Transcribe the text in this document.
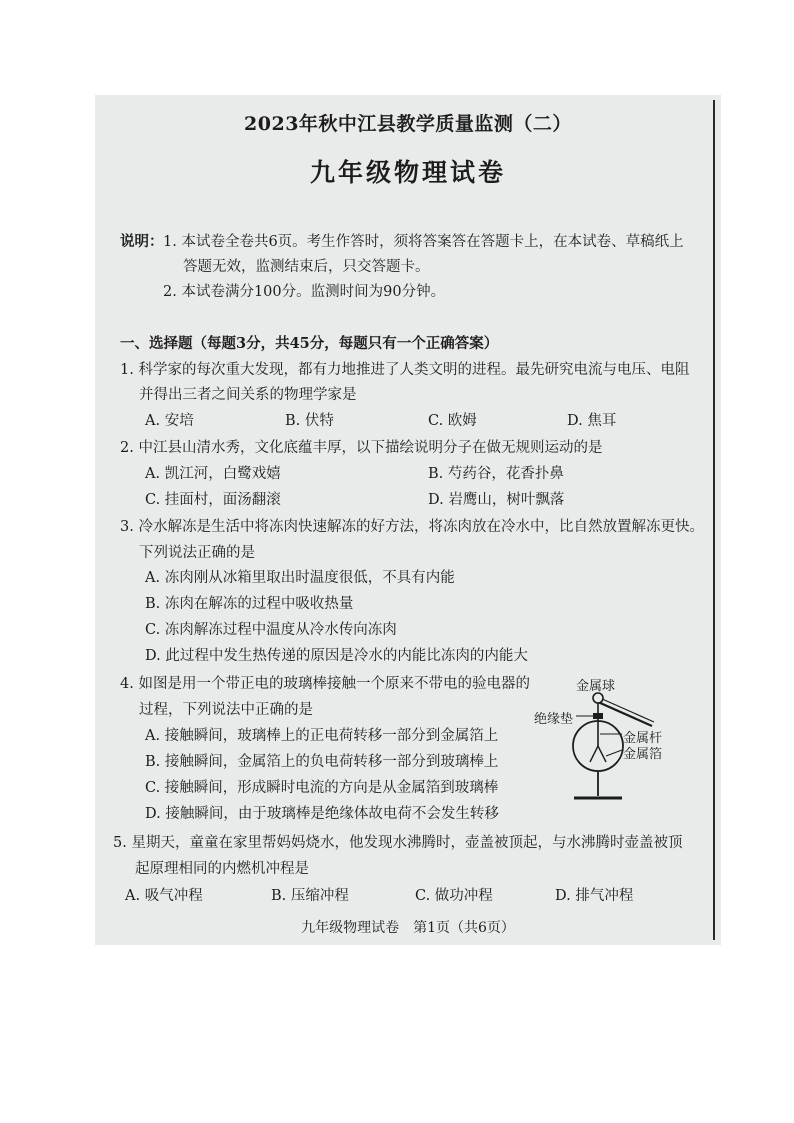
2023年秋中江县教学质量监测（二）
九年级物理试卷
说明： 1. 本试卷全卷共6页。考生作答时，须将答案答在答题卡上，在本试卷、草稿纸上
答题无效，监测结束后，只交答题卡。
2. 本试卷满分100分。监测时间为90分钟。
一、选择题（每题3分，共45分，每题只有一个正确答案）
1. 科学家的每次重大发现，都有力地推进了人类文明的进程。最先研究电流与电压、电阻
并得出三者之间关系的物理学家是
A. 安培	B. 伏特	C. 欧姆	D. 焦耳
2. 中江县山清水秀，文化底蕴丰厚，以下描绘说明分子在做无规则运动的是
A. 凯江河，白鹭戏嬉	B. 芍药谷，花香扑鼻
C. 挂面村，面汤翻滚	D. 岩鹰山，树叶飘落
3. 冷水解冻是生活中将冻肉快速解冻的好方法，将冻肉放在冷水中，比自然放置解冻更快。
下列说法正确的是
A. 冻肉刚从冰箱里取出时温度很低，不具有内能
B. 冻肉在解冻的过程中吸收热量
C. 冻肉解冻过程中温度从冷水传向冻肉
D. 此过程中发生热传递的原因是冷水的内能比冻肉的内能大
4. 如图是用一个带正电的玻璃棒接触一个原来不带电的验电器的
过程，下列说法中正确的是
A. 接触瞬间，玻璃棒上的正电荷转移一部分到金属箔上
B. 接触瞬间，金属箔上的负电荷转移一部分到玻璃棒上
C. 接触瞬间，形成瞬时电流的方向是从金属箔到玻璃棒
D. 接触瞬间，由于玻璃棒是绝缘体故电荷不会发生转移
5. 星期天，童童在家里帮妈妈烧水，他发现水沸腾时，壶盖被顶起，与水沸腾时壶盖被顶
起原理相同的内燃机冲程是
A. 吸气冲程	B. 压缩冲程	C. 做功冲程	D. 排气冲程
九年级物理试卷　第1页（共6页）
金属球
绝缘垫
金属杆
金属箔
